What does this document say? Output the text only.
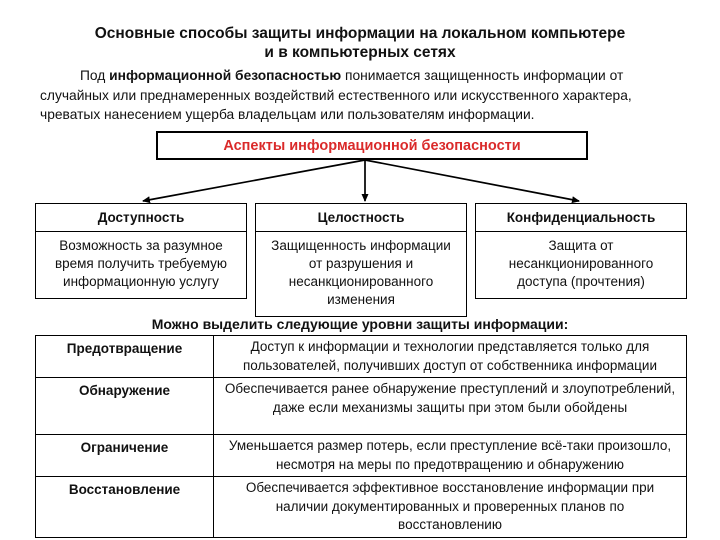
Основные способы защиты информации на локальном компьютере
и в компьютерных сетях
Под информационной безопасностью понимается защищенность информации от
случайных или преднамеренных воздействий естественного или искусственного характера,
чреватых нанесением ущерба владельцам или пользователям информации.
Аспекты информационной безопасности
Доступность
Возможность за разумное время получить требуемую информационную услугу
Целостность
Защищенность информации от разрушения и несанкционированного изменения
Конфиденциальность
Защита от несанкционированного доступа (прочтения)
Можно выделить следующие уровни защиты информации:
Предотвращение	Доступ к информации и технологии представляется только для пользователей, получивших доступ от собственника информации
Обнаружение	Обеспечивается ранее обнаружение преступлений и злоупотреблений, даже если механизмы защиты при этом были обойдены
Ограничение	Уменьшается размер потерь, если преступление всё-таки произошло, несмотря на меры по предотвращению и обнаружению
Восстановление	Обеспечивается эффективное восстановление информации при наличии документированных и проверенных планов по восстановлению
